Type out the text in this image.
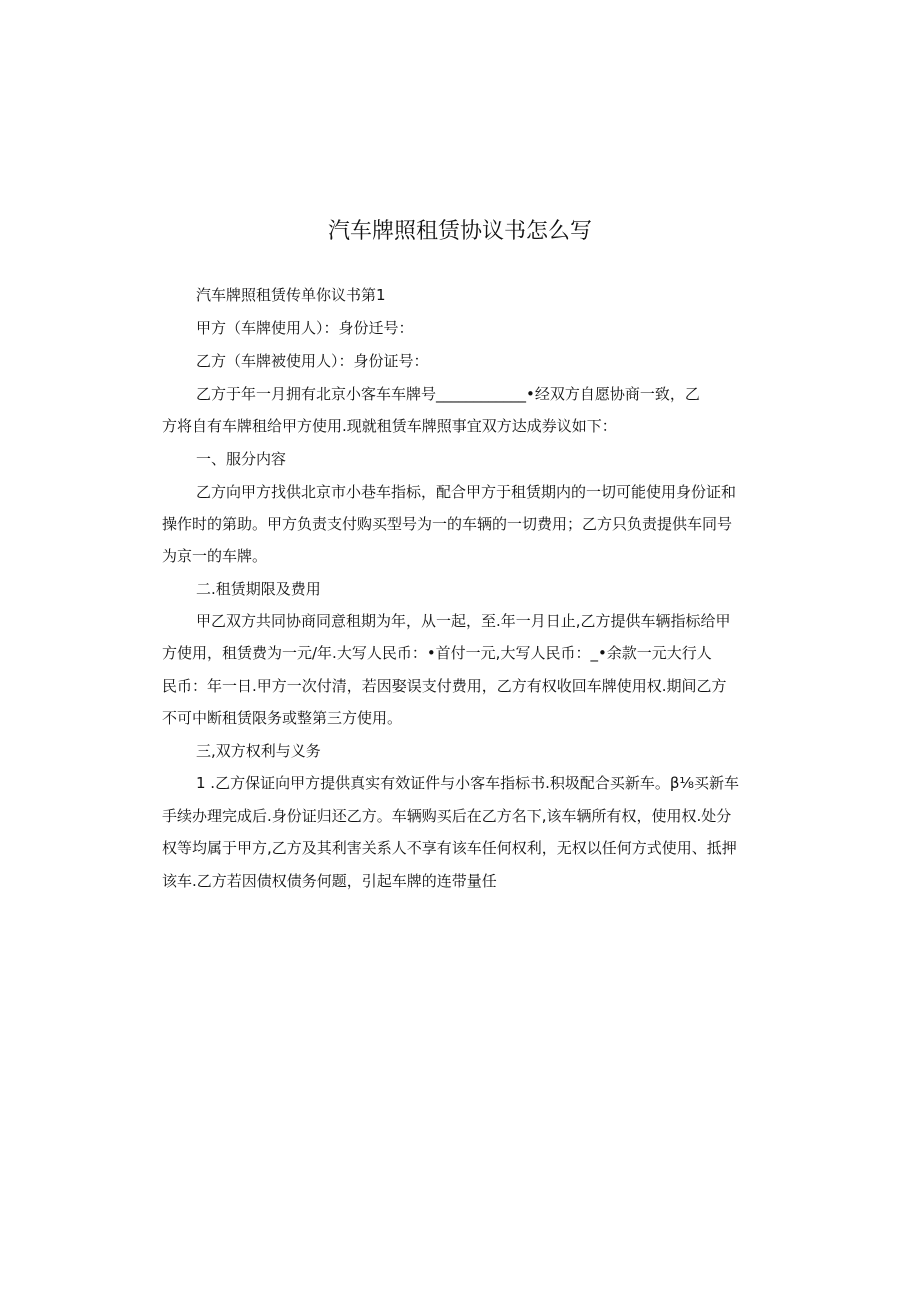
汽车牌照租赁协议书怎么写
汽车牌照租赁传单你议书第1
甲方（车牌使用人）：身份迁号：
乙方（车牌被使用人）：身份证号：
乙方于年一月拥有北京小客车车牌号____________•经双方自愿协商一致，乙
方将自有车牌租给甲方使用.现就租赁车牌照事宜双方达成券议如下：
一、服分内容
乙方向甲方找供北京市小巷车指标，配合甲方于租赁期内的一切可能使用身份证和
操作时的第助。甲方负责支付购买型号为一的车辆的一切费用；乙方只负责提供车同号
为京一的车牌。
二.租赁期限及费用
甲乙双方共同协商同意租期为年，从一起，至.年一月日止,乙方提供车辆指标给甲
方使用，租赁费为一元/年.大写人民币：•首付一元,大写人民币：_•余款一元大行人
民币：年一日.甲方一次付清，若因娶误支付费用，乙方有权收回车牌使用权.期间乙方
不可中断租赁限务或整第三方使用。
三,双方权利与义务
1 .乙方保证向甲方提供真实有效证件与小客车指标书.积圾配合买新车。β⅛买新车
手续办理完成后.身份证归还乙方。车辆购买后在乙方名下,该车辆所有权，使用权.处分
权等均属于甲方,乙方及其利害关系人不享有该车任何权利，无权以任何方式使用、抵押
该车.乙方若因债权债务何题，引起车牌的连带量任
